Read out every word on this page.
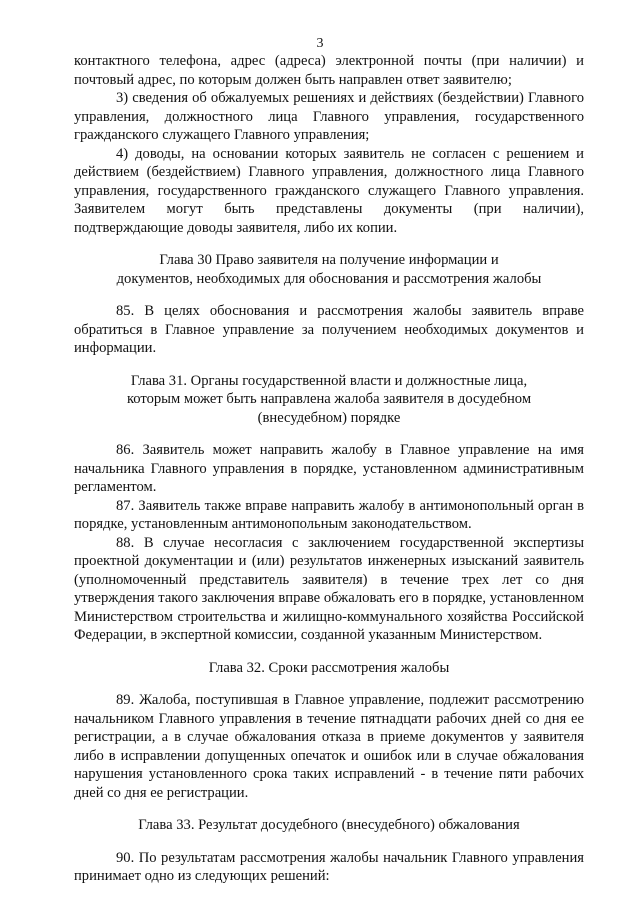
3

контактного телефона, адрес (адреса) электронной почты (при наличии) и почтовый адрес, по которым должен быть направлен ответ заявителю;

3) сведения об обжалуемых решениях и действиях (бездействии) Главного управления, должностного лица Главного управления, государственного гражданского служащего Главного управления;

4) доводы, на основании которых заявитель не согласен с решением и действием (бездействием) Главного управления, должностного лица Главного управления, государственного гражданского служащего Главного управления. Заявителем могут быть представлены документы (при наличии), подтверждающие доводы заявителя, либо их копии.

Глава 30 Право заявителя на получение информации и
документов, необходимых для обоснования и рассмотрения жалобы

85. В целях обоснования и рассмотрения жалобы заявитель вправе обратиться в Главное управление за получением необходимых документов и информации.

Глава 31. Органы государственной власти и должностные лица,
которым может быть направлена жалоба заявителя в досудебном
(внесудебном) порядке

86. Заявитель может направить жалобу в Главное управление на имя начальника Главного управления в порядке, установленном административным регламентом.

87. Заявитель также вправе направить жалобу в антимонопольный орган в порядке, установленным антимонопольным законодательством.

88. В случае несогласия с заключением государственной экспертизы проектной документации и (или) результатов инженерных изысканий заявитель (уполномоченный представитель заявителя) в течение трех лет со дня утверждения такого заключения вправе обжаловать его в порядке, установленном Министерством строительства и жилищно-коммунального хозяйства Российской Федерации, в экспертной комиссии, созданной указанным Министерством.

Глава 32. Сроки рассмотрения жалобы

89. Жалоба, поступившая в Главное управление, подлежит рассмотрению начальником Главного управления в течение пятнадцати рабочих дней со дня ее регистрации, а в случае обжалования отказа в приеме документов у заявителя либо в исправлении допущенных опечаток и ошибок или в случае обжалования нарушения установленного срока таких исправлений - в течение пяти рабочих дней со дня ее регистрации.

Глава 33. Результат досудебного (внесудебного) обжалования

90. По результатам рассмотрения жалобы начальник Главного управления принимает одно из следующих решений:
